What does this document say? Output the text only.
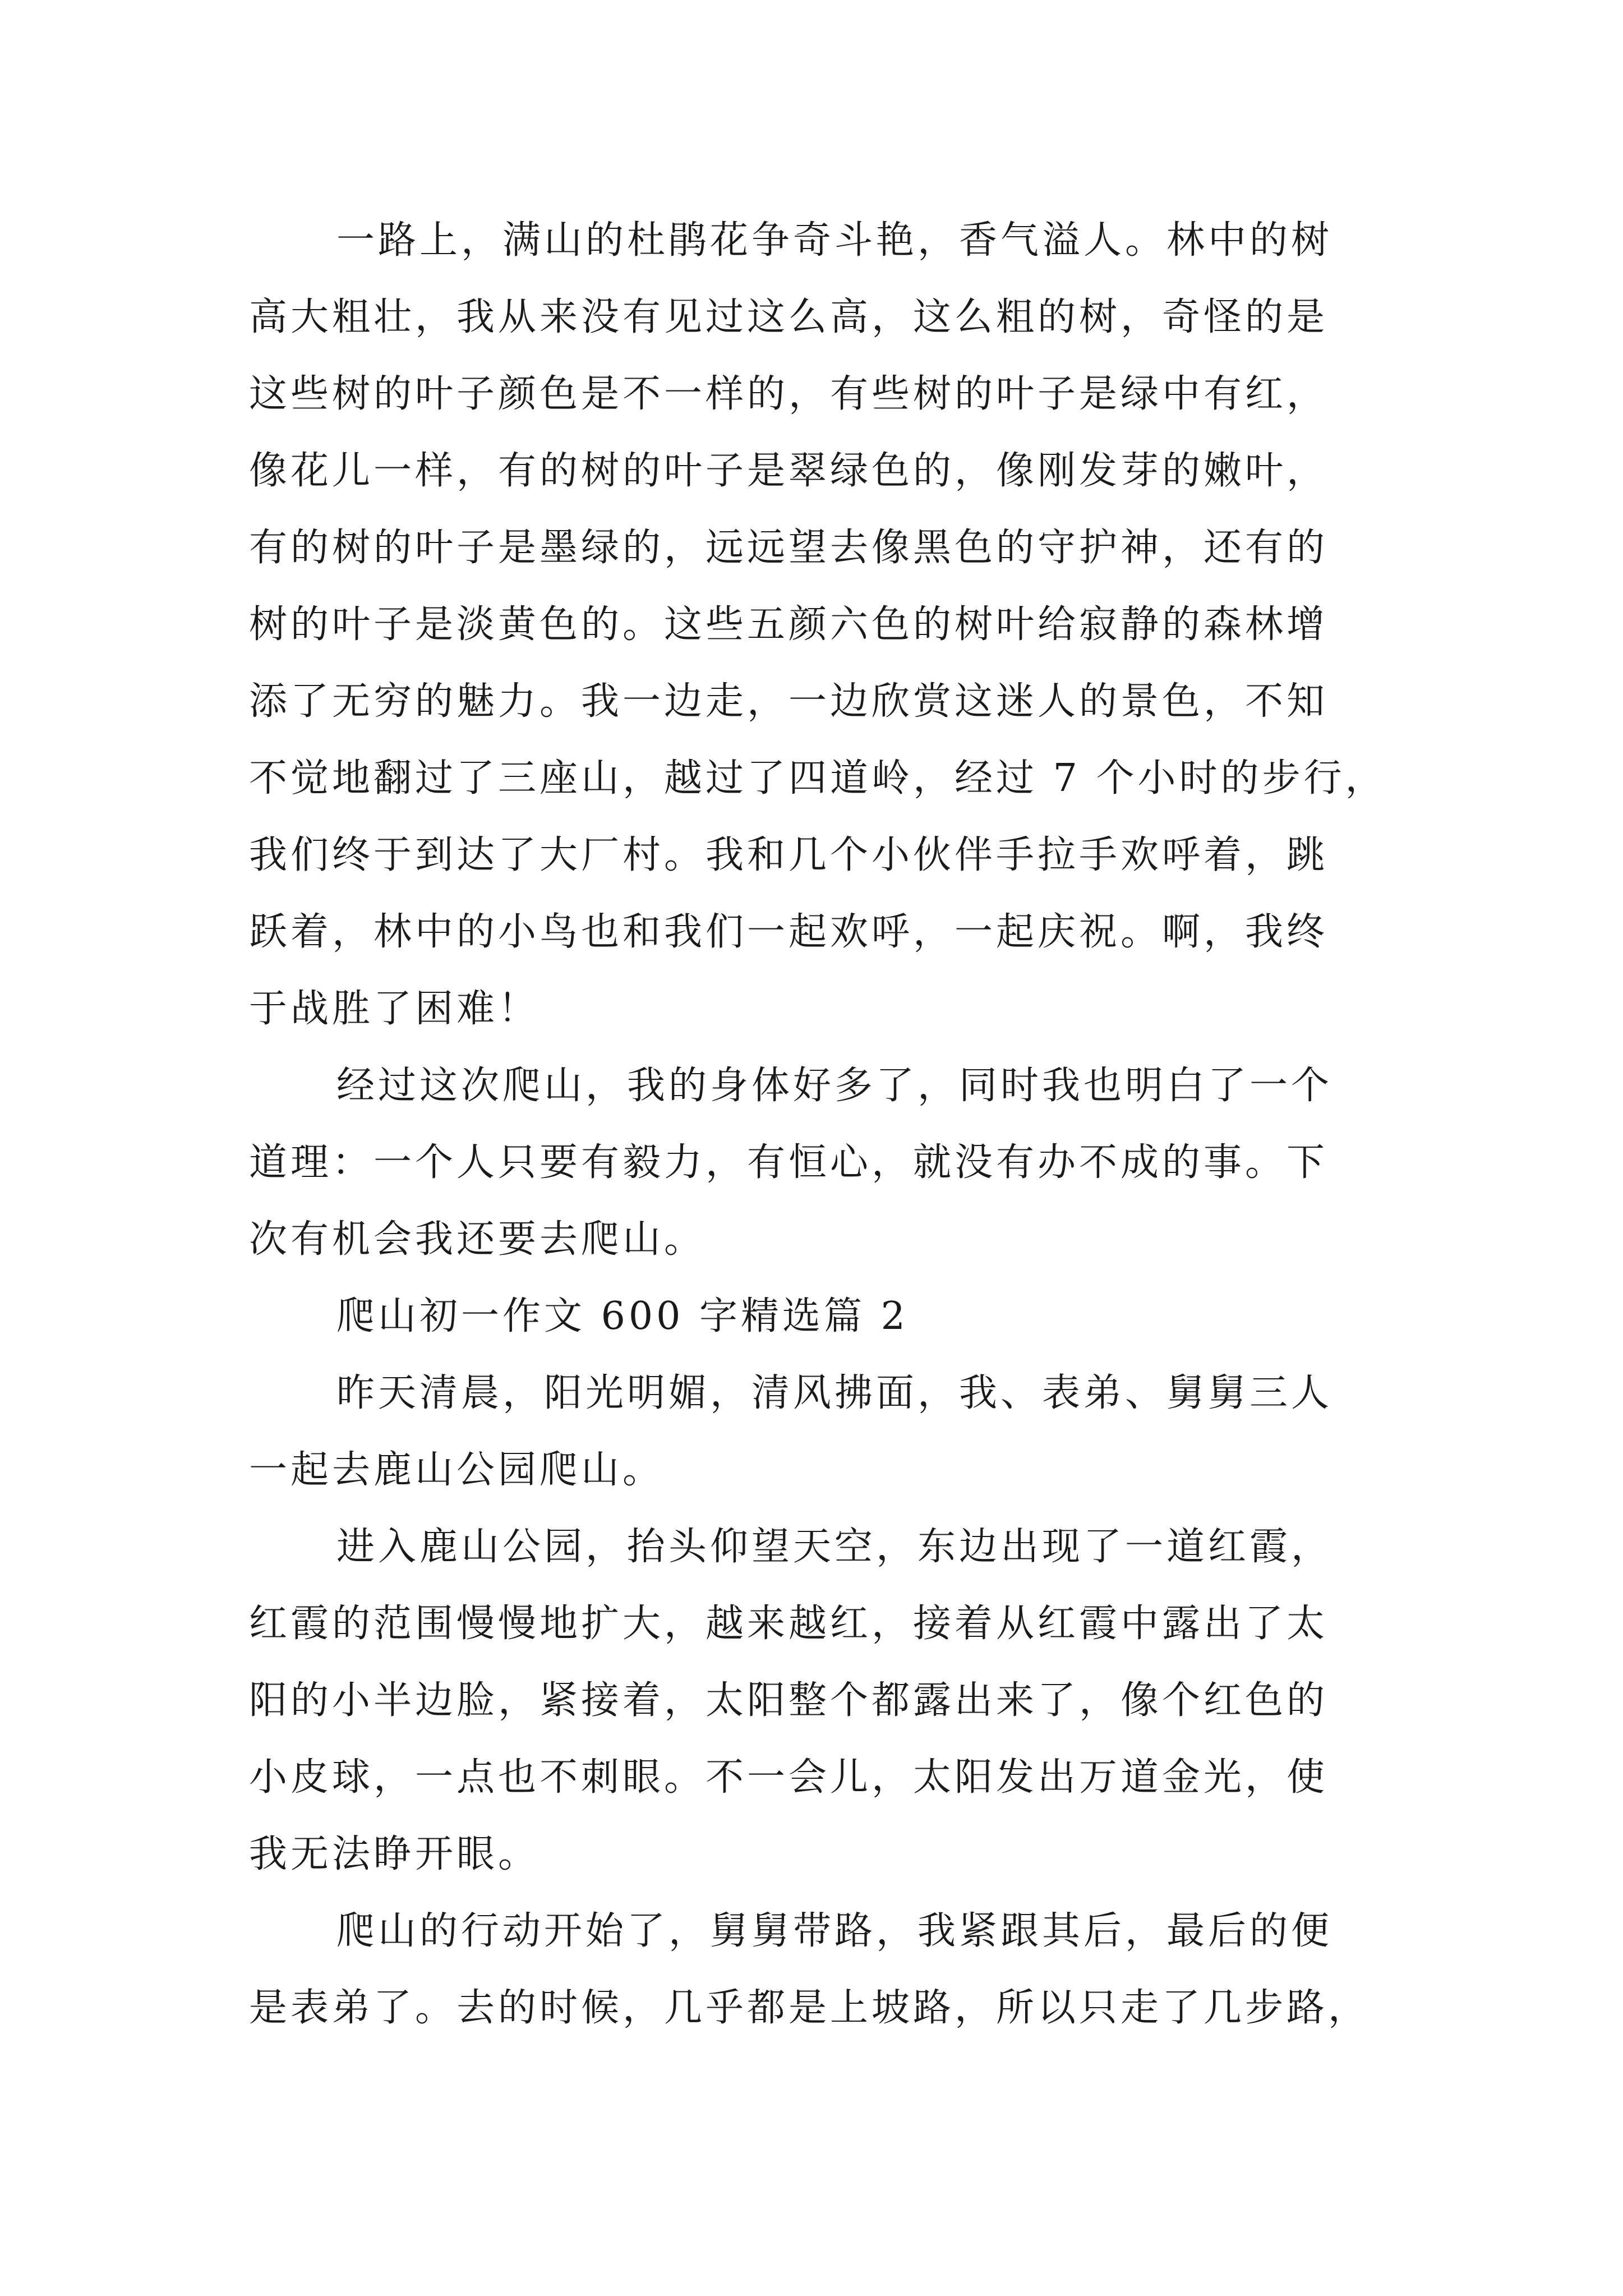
一路上，满山的杜鹃花争奇斗艳，香气溢人。林中的树
高大粗壮，我从来没有见过这么高，这么粗的树，奇怪的是
这些树的叶子颜色是不一样的，有些树的叶子是绿中有红，
像花儿一样，有的树的叶子是翠绿色的，像刚发芽的嫩叶，
有的树的叶子是墨绿的，远远望去像黑色的守护神，还有的
树的叶子是淡黄色的。这些五颜六色的树叶给寂静的森林增
添了无穷的魅力。我一边走，一边欣赏这迷人的景色，不知
不觉地翻过了三座山，越过了四道岭，经过 7 个小时的步行，
我们终于到达了大厂村。我和几个小伙伴手拉手欢呼着，跳
跃着，林中的小鸟也和我们一起欢呼，一起庆祝。啊，我终
于战胜了困难！
经过这次爬山，我的身体好多了，同时我也明白了一个
道理：一个人只要有毅力，有恒心，就没有办不成的事。下
次有机会我还要去爬山。
爬山初一作文 600 字精选篇 2
昨天清晨，阳光明媚，清风拂面，我、表弟、舅舅三人
一起去鹿山公园爬山。
进入鹿山公园，抬头仰望天空，东边出现了一道红霞，
红霞的范围慢慢地扩大，越来越红，接着从红霞中露出了太
阳的小半边脸，紧接着，太阳整个都露出来了，像个红色的
小皮球，一点也不刺眼。不一会儿，太阳发出万道金光，使
我无法睁开眼。
爬山的行动开始了，舅舅带路，我紧跟其后，最后的便
是表弟了。去的时候，几乎都是上坡路，所以只走了几步路，
